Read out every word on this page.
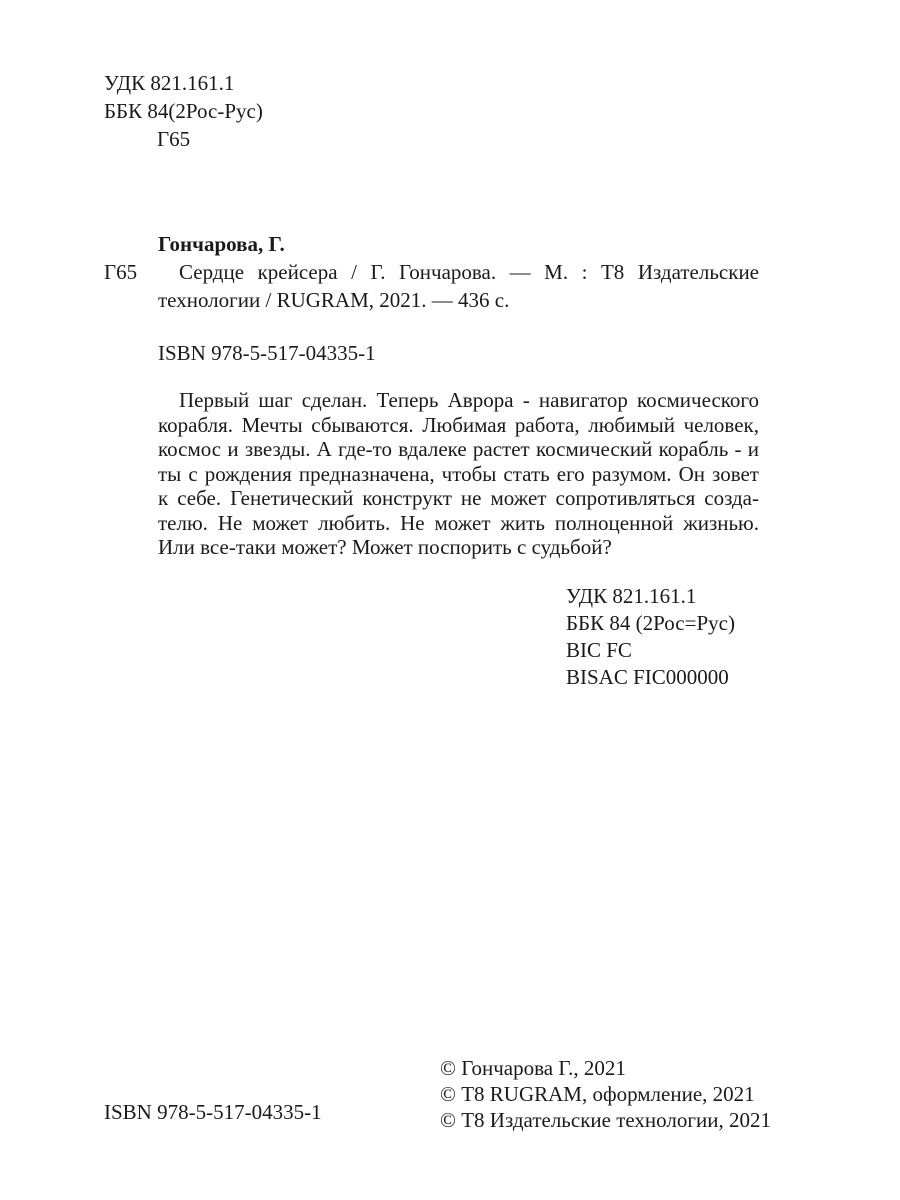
УДК 821.161.1
ББК 84(2Рос-Рус)
Г65
Гончарова, Г.
Г65 Сердце крейсера / Г. Гончарова. — М. : Т8 Издательские
технологии / RUGRAM, 2021. — 436 с.
ISBN 978-5-517-04335-1
Первый шаг сделан. Теперь Аврора - навигатор космического
корабля. Мечты сбываются. Любимая работа, любимый человек,
космос и звезды. А где-то вдалеке растет космический корабль - и
ты с рождения предназначена, чтобы стать его разумом. Он зовет
к себе. Генетический конструкт не может сопротивляться созда-
телю. Не может любить. Не может жить полноценной жизнью.
Или все-таки может? Может поспорить с судьбой?
УДК 821.161.1
ББК 84 (2Рос=Рус)
BIC FC
BISAC FIC000000
ISBN 978-5-517-04335-1
© Гончарова Г., 2021
© Т8 RUGRAM, оформление, 2021
© Т8 Издательские технологии, 2021
